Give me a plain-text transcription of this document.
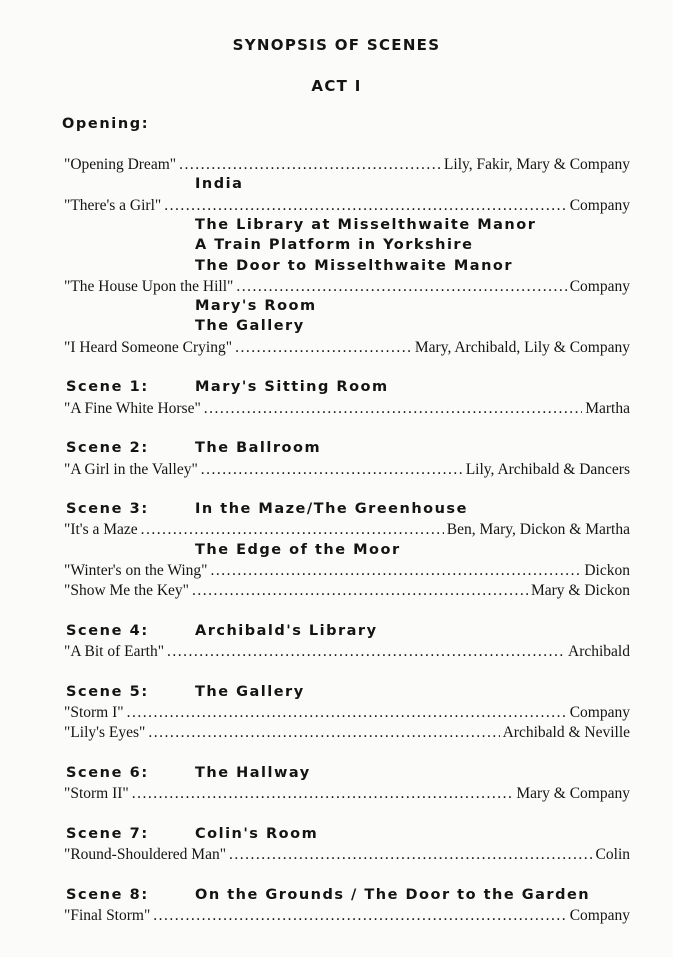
SYNOPSIS OF SCENES
ACT I
Opening:
"Opening Dream" .....	Lily, Fakir, Mary & Company
India
"There's a Girl" .....	Company
The Library at Misselthwaite Manor
A Train Platform in Yorkshire
The Door to Misselthwaite Manor
"The House Upon the Hill" .....	Company
Mary's Room
The Gallery
"I Heard Someone Crying" .....	Mary, Archibald, Lily & Company
Scene 1:	Mary's Sitting Room
"A Fine White Horse" .....	Martha
Scene 2:	The Ballroom
"A Girl in the Valley" .....	Lily, Archibald & Dancers
Scene 3:	In the Maze/The Greenhouse
"It's a Maze .....	Ben, Mary, Dickon & Martha
The Edge of the Moor
"Winter's on the Wing" .....	Dickon
"Show Me the Key" .....	Mary & Dickon
Scene 4:	Archibald's Library
"A Bit of Earth" .....	Archibald
Scene 5:	The Gallery
"Storm I" .....	Company
"Lily's Eyes" .....	Archibald & Neville
Scene 6:	The Hallway
"Storm II" .....	Mary & Company
Scene 7:	Colin's Room
"Round-Shouldered Man" .....	Colin
Scene 8:	On the Grounds / The Door to the Garden
"Final Storm" .....	Company
